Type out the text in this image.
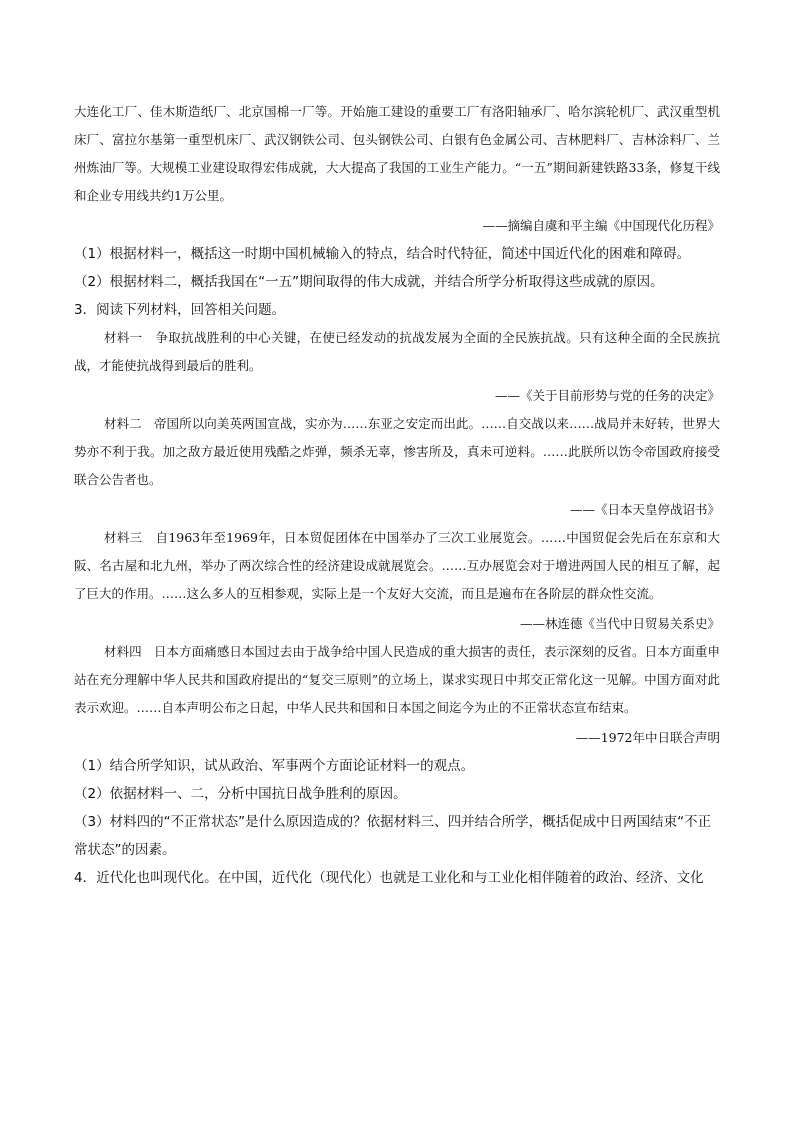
大连化工厂、佳木斯造纸厂、北京国棉一厂等。开始施工建设的重要工厂有洛阳轴承厂、哈尔滨轮机厂、武汉重型机床厂、富拉尔基第一重型机床厂、武汉钢铁公司、包头钢铁公司、白银有色金属公司、吉林肥料厂、吉林涂料厂、兰州炼油厂等。大规模工业建设取得宏伟成就，大大提高了我国的工业生产能力。“一五”期间新建铁路33条，修复干线和企业专用线共约1万公里。

——摘编自虞和平主编《中国现代化历程》

（1）根据材料一，概括这一时期中国机械输入的特点，结合时代特征，简述中国近代化的困难和障碍。

（2）根据材料二，概括我国在“一五”期间取得的伟大成就，并结合所学分析取得这些成就的原因。

3．阅读下列材料，回答相关问题。

材料一 争取抗战胜利的中心关键，在使已经发动的抗战发展为全面的全民族抗战。只有这种全面的全民族抗战，才能使抗战得到最后的胜利。

——《关于目前形势与党的任务的决定》

材料二 帝国所以向美英两国宣战，实亦为……东亚之安定而出此。……自交战以来……战局并未好转，世界大势亦不利于我。加之敌方最近使用残酷之炸弹，频杀无辜，惨害所及，真未可逆料。……此朕所以饬令帝国政府接受联合公告者也。

——《日本天皇停战诏书》

材料三 自1963年至1969年，日本贸促团体在中国举办了三次工业展览会。……中国贸促会先后在东京和大阪、名古屋和北九州，举办了两次综合性的经济建设成就展览会。……互办展览会对于增进两国人民的相互了解，起了巨大的作用。……这么多人的互相参观，实际上是一个友好大交流，而且是遍布在各阶层的群众性交流。

——林连德《当代中日贸易关系史》

材料四 日本方面痛感日本国过去由于战争给中国人民造成的重大损害的责任，表示深刻的反省。日本方面重申站在充分理解中华人民共和国政府提出的“复交三原则”的立场上，谋求实现日中邦交正常化这一见解。中国方面对此表示欢迎。……自本声明公布之日起，中华人民共和国和日本国之间迄今为止的不正常状态宣布结束。

——1972年中日联合声明

（1）结合所学知识，试从政治、军事两个方面论证材料一的观点。

（2）依据材料一、二，分析中国抗日战争胜利的原因。

（3）材料四的“不正常状态”是什么原因造成的？依据材料三、四并结合所学，概括促成中日两国结束“不正常状态”的因素。

4．近代化也叫现代化。在中国，近代化（现代化）也就是工业化和与工业化相伴随着的政治、经济、文化
